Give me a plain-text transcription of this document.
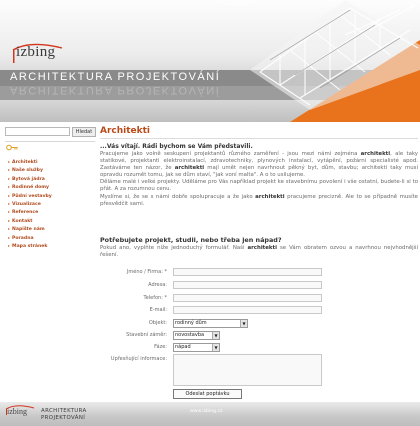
www.izbing.cz
izbing
ARCHITEKTURA PROJEKTOVÁNÍ
ARCHITEKTURA PROJEKTOVÁNÍ
Hledat
▸ Architekti
▸ Naše služby
▸ Bytová jádra
▸ Rodinné domy
▸ Půdní vestavby
▸ Vizualizace
▸ Reference
▸ Kontakt
▸ Napište nám
▸ Poradna
▸ Mapa stránek
Architekti
...Vás vítají. Rádi bychom se Vám představili.

Pracujeme jako volně seskupení projektantů různého zaměření - jsou mezi námi zejména architekti, ale taky statikové, projektanti elektroinstalací, zdravotechniky, plynových instalací, vytápění, požární specialisté apod. Zastáváme ten názor, že architekti mají umět nejen navrhnout pěkný byt, dům, stavbu; architekti taky musí opravdu rozumět tomu, jak se dům staví, "jak voní malta". A o to usilujeme.

Děláme malé i velké projekty. Uděláme pro Vás například projekt ke stavebnímu povolení i vše ostatní, budete-li si to přát. A za rozumnou cenu.

Myslíme si, že se s námi dobře spolupracuje a že jako architekti pracujeme precizně. Ale to se případně musíte přesvědčit sami.

Potřebujete projekt, studii, nebo třeba jen nápad?

Pokud ano, vyplňte níže jednoduchý formulář. Naši architekti se Vám obratem ozvou a navrhnou nejvhodnější řešení.

Jméno / Firma: *
Adresa:
Telefon: *
E-mail:
Objekt:	rodinný dům	▼
Stavební záměr:	novostavba	▼
Fáze:	nápad	▼
Upřesňující informace:
Odeslat poptávku
izbing	ARCHITEKTURA
PROJEKTOVÁNÍ
www.izbing.cz
